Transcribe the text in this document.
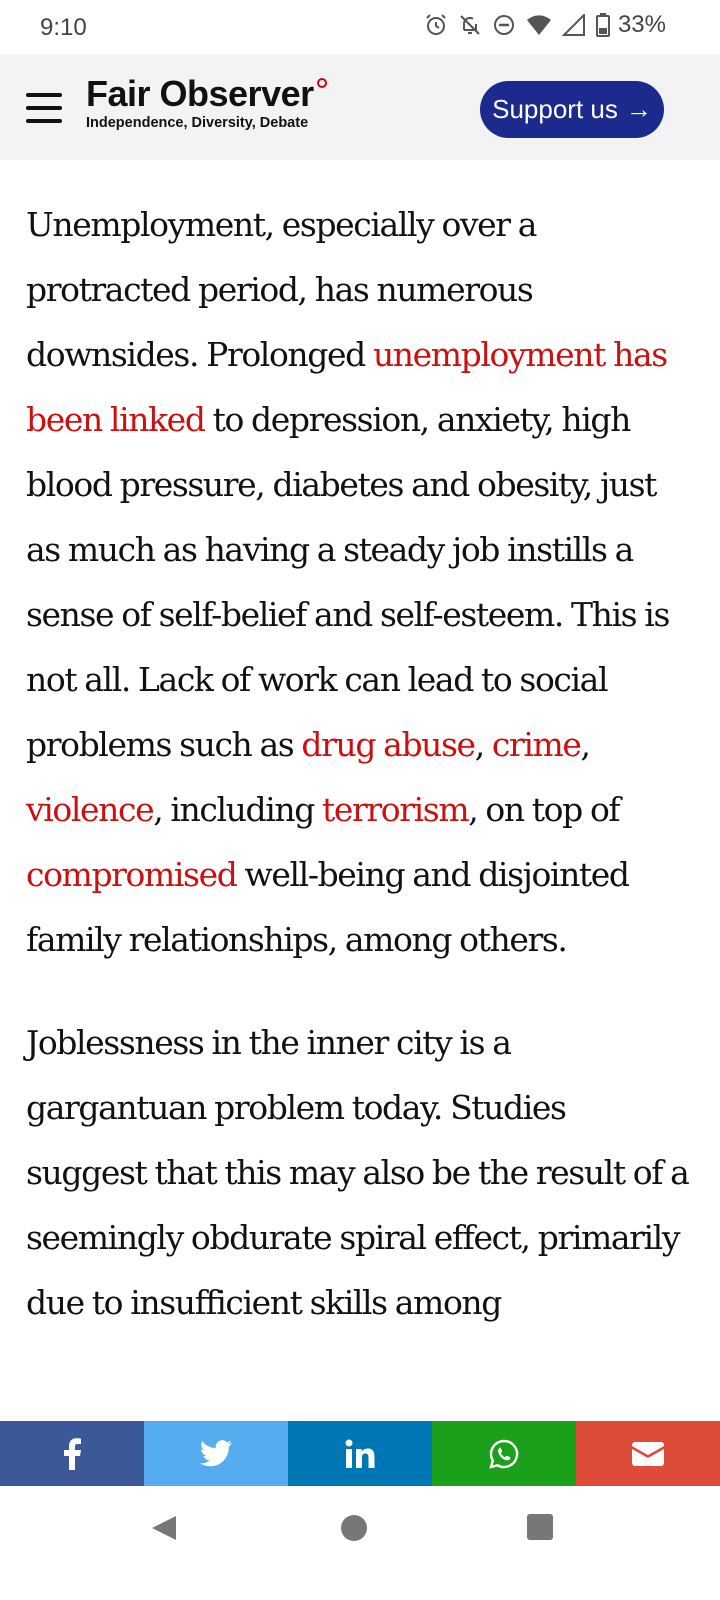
9:10	33%
Fair Observer
Independence, Diversity, Debate	Support us →

Unemployment, especially over a protracted period, has numerous downsides. Prolonged unemployment has been linked to depression, anxiety, high blood pressure, diabetes and obesity, just as much as having a steady job instills a sense of self-belief and self-esteem. This is not all. Lack of work can lead to social problems such as drug abuse, crime, violence, including terrorism, on top of compromised well-being and disjointed family relationships, among others.

Joblessness in the inner city is a gargantuan problem today. Studies suggest that this may also be the result of a seemingly obdurate spiral effect, primarily due to insufficient skills among
